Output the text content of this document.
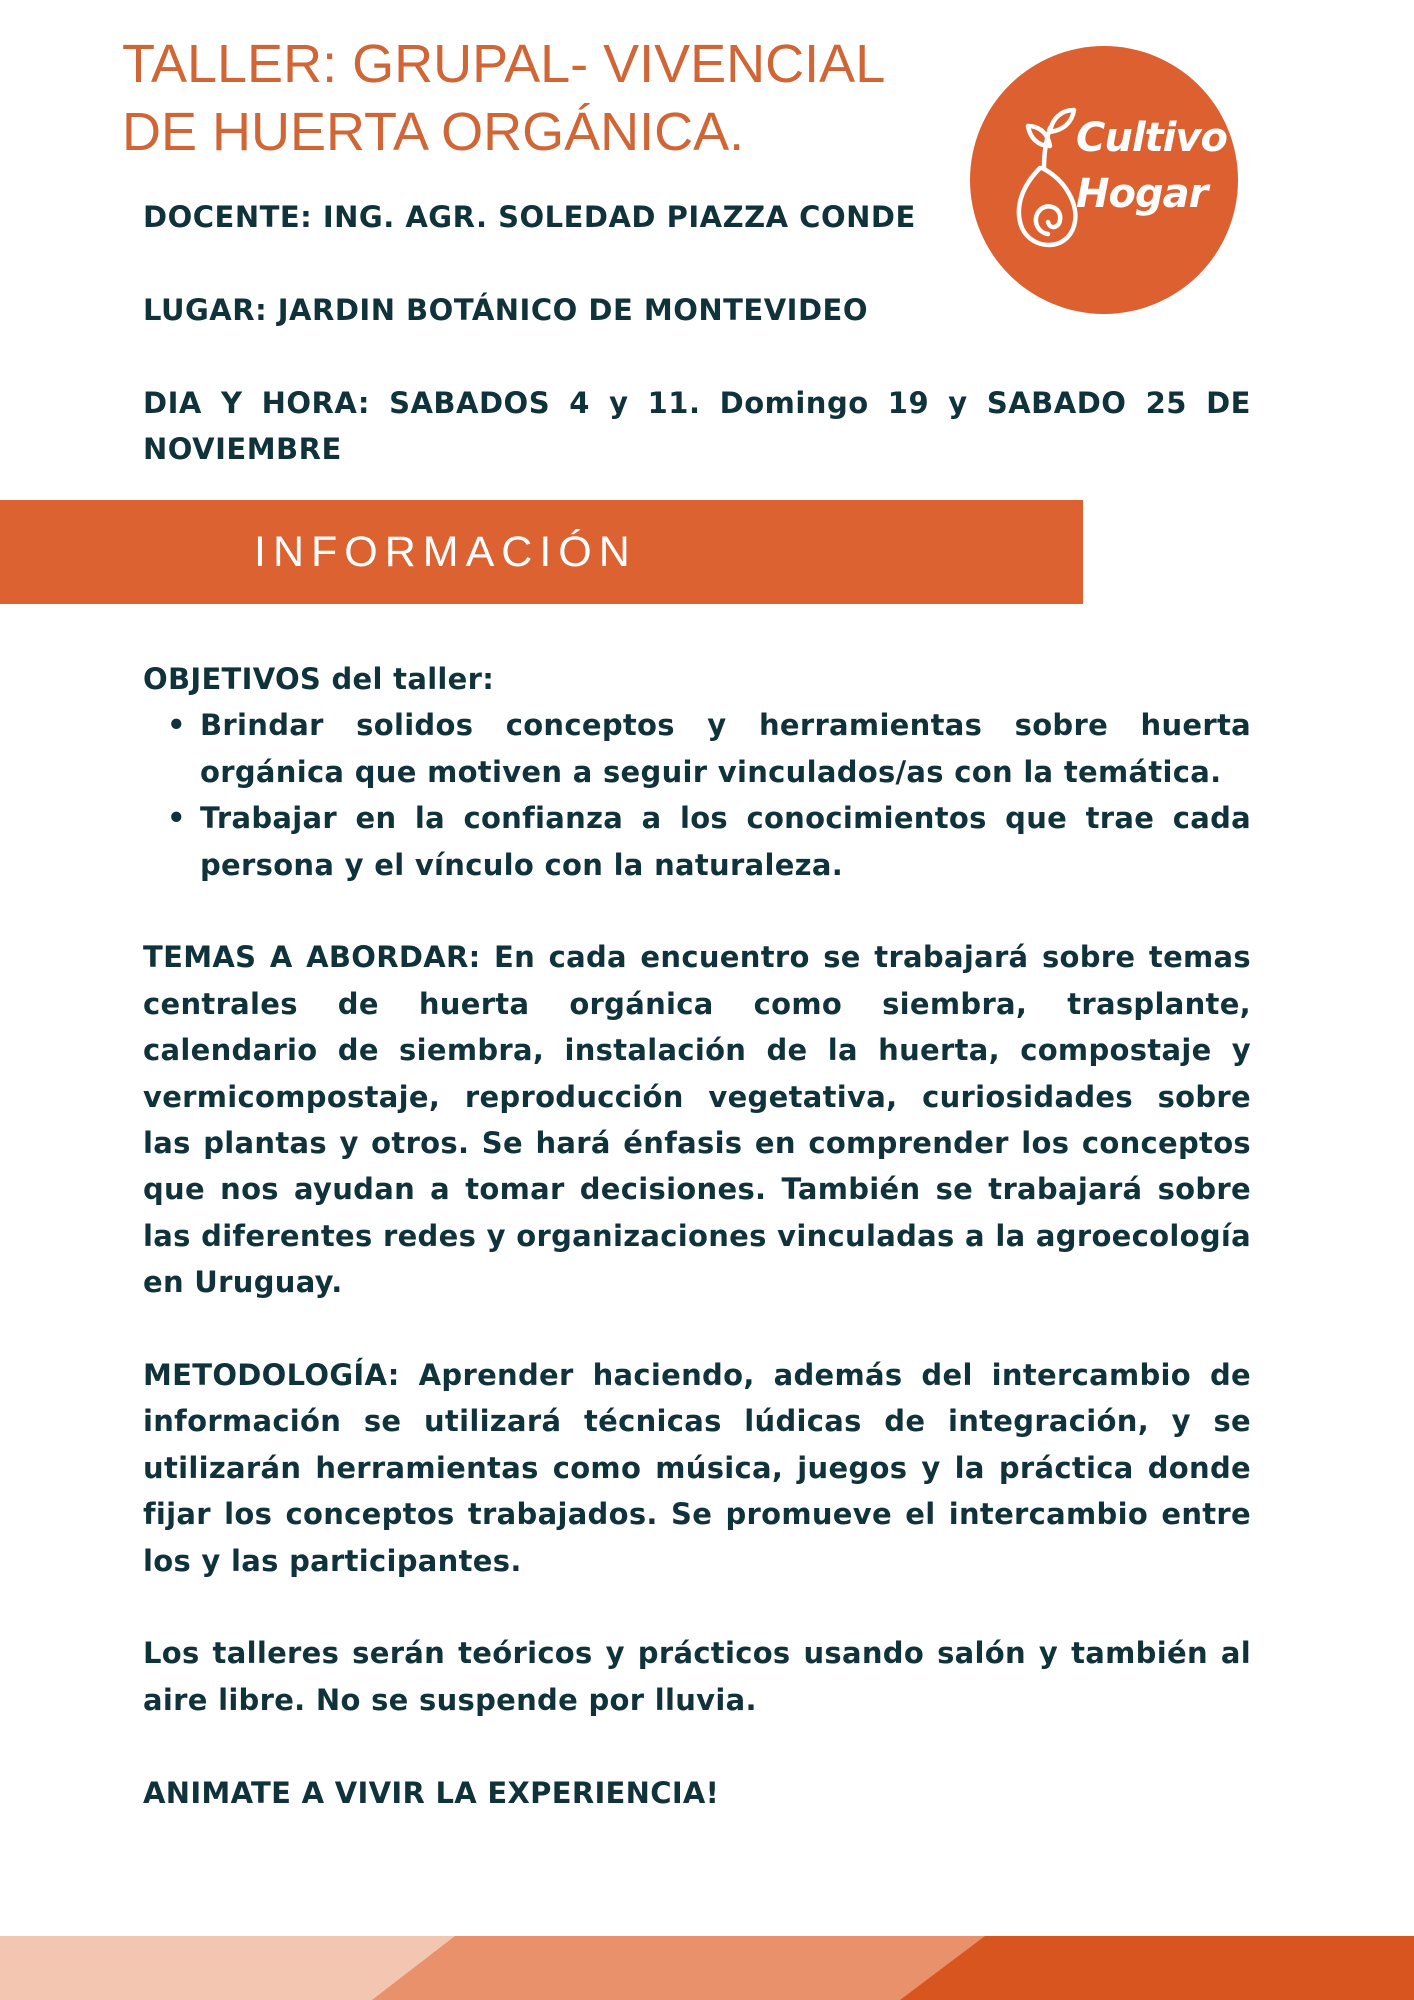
TALLER: GRUPAL- VIVENCIAL
DE HUERTA ORGÁNICA.	Cultivo
Hogar

DOCENTE: ING. AGR. SOLEDAD PIAZZA CONDE

LUGAR: JARDIN BOTÁNICO DE MONTEVIDEO

DIA Y HORA: SABADOS 4 y 11. Domingo 19 y SABADO 25 DE NOVIEMBRE

INFORMACIÓN

OBJETIVOS del taller:

• Brindar solidos conceptos y herramientas sobre huerta orgánica que motiven a seguir vinculados/as con la temática.
• Trabajar en la confianza a los conocimientos que trae cada persona y el vínculo con la naturaleza.

TEMAS A ABORDAR: En cada encuentro se trabajará sobre temas centrales de huerta orgánica como siembra, trasplante, calendario de siembra, instalación de la huerta, compostaje y vermicompostaje, reproducción vegetativa, curiosidades sobre las plantas y otros. Se hará énfasis en comprender los conceptos que nos ayudan a tomar decisiones. También se trabajará sobre las diferentes redes y organizaciones vinculadas a la agroecología en Uruguay.

METODOLOGÍA: Aprender haciendo, además del intercambio de información se utilizará técnicas lúdicas de integración, y se utilizarán herramientas como música, juegos y la práctica donde fijar los conceptos trabajados. Se promueve el intercambio entre los y las participantes.

Los talleres serán teóricos y prácticos usando salón y también al aire libre. No se suspende por lluvia.

ANIMATE A VIVIR LA EXPERIENCIA!
